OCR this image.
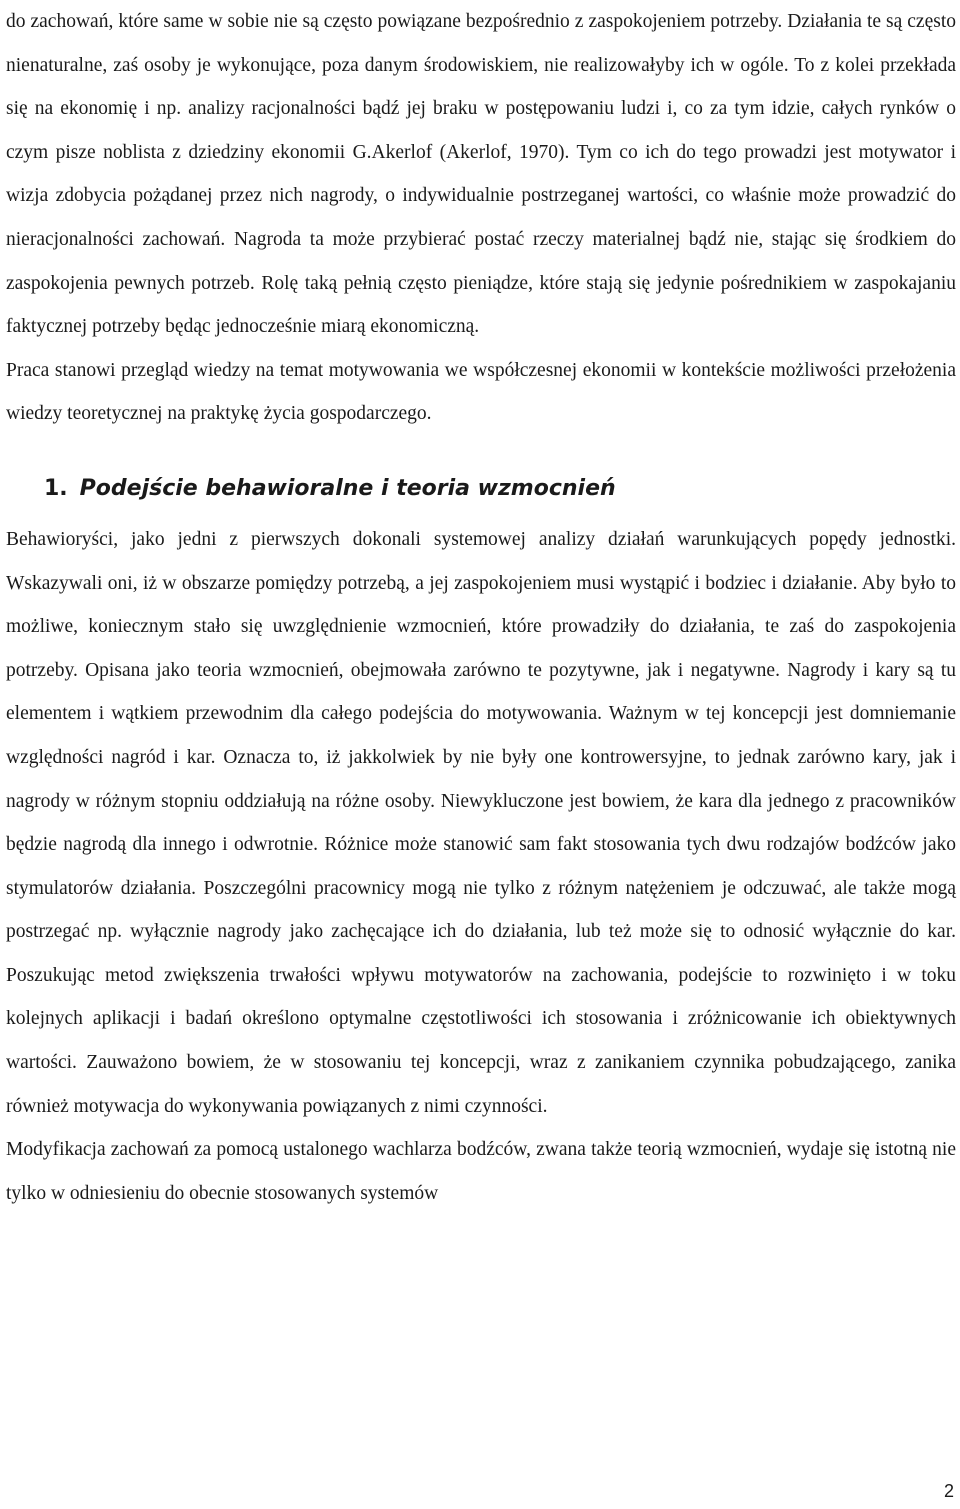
do zachowań, które same w sobie nie są często powiązane bezpośrednio z zaspokojeniem potrzeby. Działania te są często nienaturalne, zaś osoby je wykonujące, poza danym środowiskiem, nie realizowałyby ich w ogóle. To z kolei przekłada się na ekonomię i np. analizy racjonalności bądź jej braku w postępowaniu ludzi i, co za tym idzie, całych rynków o czym pisze noblista z dziedziny ekonomii G.Akerlof (Akerlof, 1970). Tym co ich do tego prowadzi jest motywator i wizja zdobycia pożądanej przez nich nagrody, o indywidualnie postrzeganej wartości, co właśnie może prowadzić do nieracjonalności zachowań. Nagroda ta może przybierać postać rzeczy materialnej bądź nie, stając się środkiem do zaspokojenia pewnych potrzeb. Rolę taką pełnią często pieniądze, które stają się jedynie pośrednikiem w zaspokajaniu faktycznej potrzeby będąc jednocześnie miarą ekonomiczną.

Praca stanowi przegląd wiedzy na temat motywowania we współczesnej ekonomii w kontekście możliwości przełożenia wiedzy teoretycznej na praktykę życia gospodarczego.

1. Podejście behawioralne i teoria wzmocnień

Behawioryści, jako jedni z pierwszych dokonali systemowej analizy działań warunkujących popędy jednostki. Wskazywali oni, iż w obszarze pomiędzy potrzebą, a jej zaspokojeniem musi wystąpić i bodziec i działanie. Aby było to możliwe, koniecznym stało się uwzględnienie wzmocnień, które prowadziły do działania, te zaś do zaspokojenia potrzeby. Opisana jako teoria wzmocnień, obejmowała zarówno te pozytywne, jak i negatywne. Nagrody i kary są tu elementem i wątkiem przewodnim dla całego podejścia do motywowania. Ważnym w tej koncepcji jest domniemanie względności nagród i kar. Oznacza to, iż jakkolwiek by nie były one kontrowersyjne, to jednak zarówno kary, jak i nagrody w różnym stopniu oddziałują na różne osoby. Niewykluczone jest bowiem, że kara dla jednego z pracowników będzie nagrodą dla innego i odwrotnie. Różnice może stanowić sam fakt stosowania tych dwu rodzajów bodźców jako stymulatorów działania. Poszczególni pracownicy mogą nie tylko z różnym natężeniem je odczuwać, ale także mogą postrzegać np. wyłącznie nagrody jako zachęcające ich do działania, lub też może się to odnosić wyłącznie do kar. Poszukując metod zwiększenia trwałości wpływu motywatorów na zachowania, podejście to rozwinięto i w toku kolejnych aplikacji i badań określono optymalne częstotliwości ich stosowania i zróżnicowanie ich obiektywnych wartości. Zauważono bowiem, że w stosowaniu tej koncepcji, wraz z zanikaniem czynnika pobudzającego, zanika również motywacja do wykonywania powiązanych z nimi czynności.

Modyfikacja zachowań za pomocą ustalonego wachlarza bodźców, zwana także teorią wzmocnień, wydaje się istotną nie tylko w odniesieniu do obecnie stosowanych systemów

2
